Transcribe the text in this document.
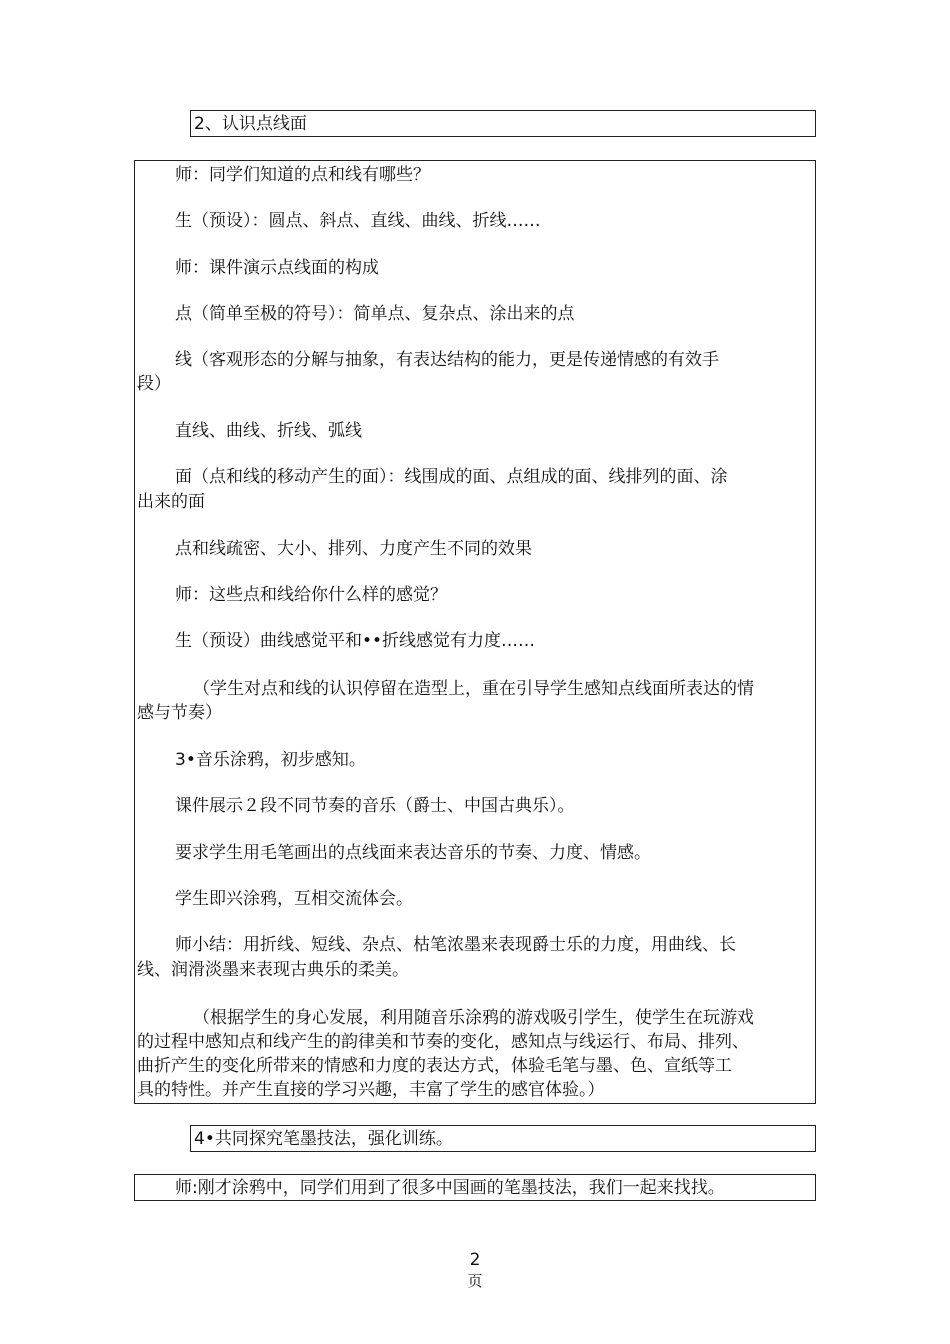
2、认识点线面
师：同学们知道的点和线有哪些？
生（预设）：圆点、斜点、直线、曲线、折线……
师：课件演示点线面的构成
点（简单至极的符号）：简单点、复杂点、涂出来的点
线（客观形态的分解与抽象，有表达结构的能力，更是传递情感的有效手
段）
直线、曲线、折线、弧线
面（点和线的移动产生的面）：线围成的面、点组成的面、线排列的面、涂
出来的面
点和线疏密、大小、排列、力度产生不同的效果
师：这些点和线给你什么样的感觉？
生（预设）曲线感觉平和••折线感觉有力度……
（学生对点和线的认识停留在造型上，重在引导学生感知点线面所表达的情
感与节奏）
3•音乐涂鸦，初步感知。
课件展示２段不同节奏的音乐（爵士、中国古典乐）。
要求学生用毛笔画出的点线面来表达音乐的节奏、力度、情感。
学生即兴涂鸦，互相交流体会。
师小结：用折线、短线、杂点、枯笔浓墨来表现爵士乐的力度，用曲线、长
线、润滑淡墨来表现古典乐的柔美。
（根据学生的身心发展，利用随音乐涂鸦的游戏吸引学生，使学生在玩游戏
的过程中感知点和线产生的韵律美和节奏的变化，感知点与线运行、布局、排列、
曲折产生的变化所带来的情感和力度的表达方式，体验毛笔与墨、色、宣纸等工
具的特性。并产生直接的学习兴趣，丰富了学生的感官体验。）
4•共同探究笔墨技法，强化训练。
师:刚才涂鸦中，同学们用到了很多中国画的笔墨技法，我们一起来找找。
2
页
